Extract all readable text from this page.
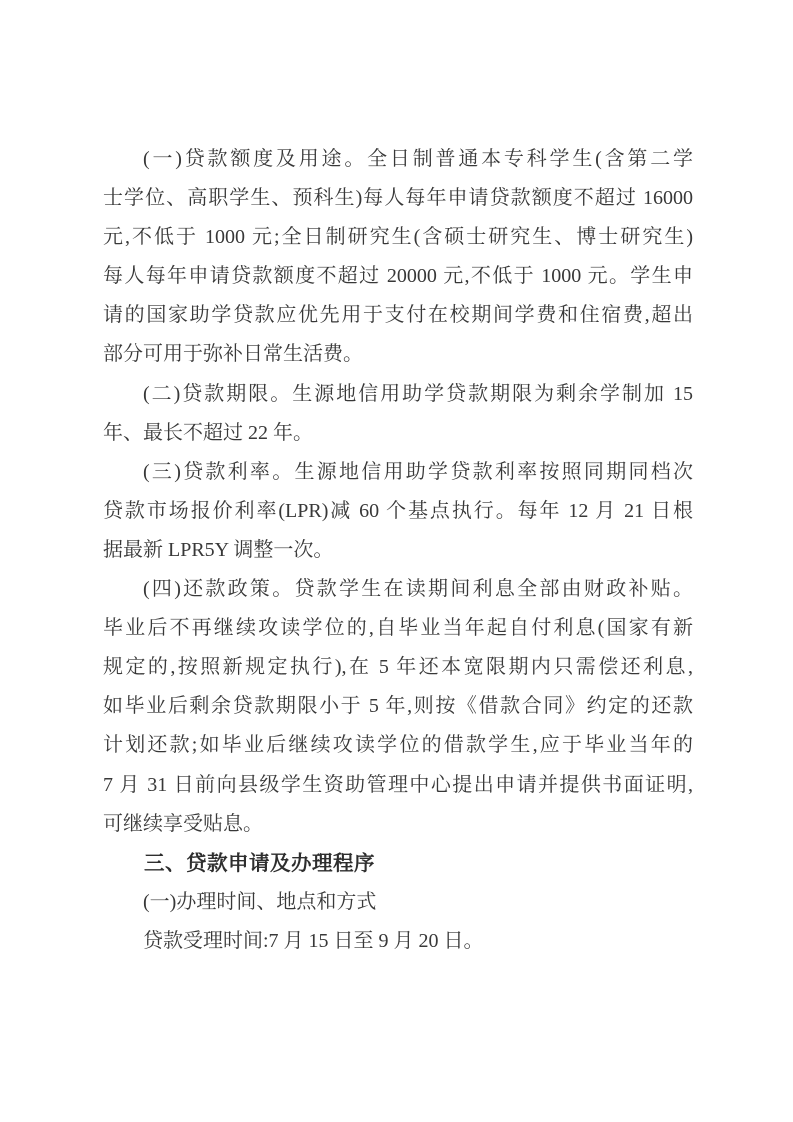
(一)贷款额度及用途。全日制普通本专科学生(含第二学
士学位、高职学生、预科生)每人每年申请贷款额度不超过 16000
元,不低于 1000 元;全日制研究生(含硕士研究生、博士研究生)
每人每年申请贷款额度不超过 20000 元,不低于 1000 元。学生申
请的国家助学贷款应优先用于支付在校期间学费和住宿费,超出
部分可用于弥补日常生活费。
(二)贷款期限。生源地信用助学贷款期限为剩余学制加 15
年、最长不超过 22 年。
(三)贷款利率。生源地信用助学贷款利率按照同期同档次
贷款市场报价利率(LPR)减 60 个基点执行。每年 12 月 21 日根
据最新 LPR5Y 调整一次。
(四)还款政策。贷款学生在读期间利息全部由财政补贴。
毕业后不再继续攻读学位的,自毕业当年起自付利息(国家有新
规定的,按照新规定执行),在 5 年还本宽限期内只需偿还利息,
如毕业后剩余贷款期限小于 5 年,则按《借款合同》约定的还款
计划还款;如毕业后继续攻读学位的借款学生,应于毕业当年的
7 月 31 日前向县级学生资助管理中心提出申请并提供书面证明,
可继续享受贴息。
三、贷款申请及办理程序
(一)办理时间、地点和方式
贷款受理时间:7 月 15 日至 9 月 20 日。
